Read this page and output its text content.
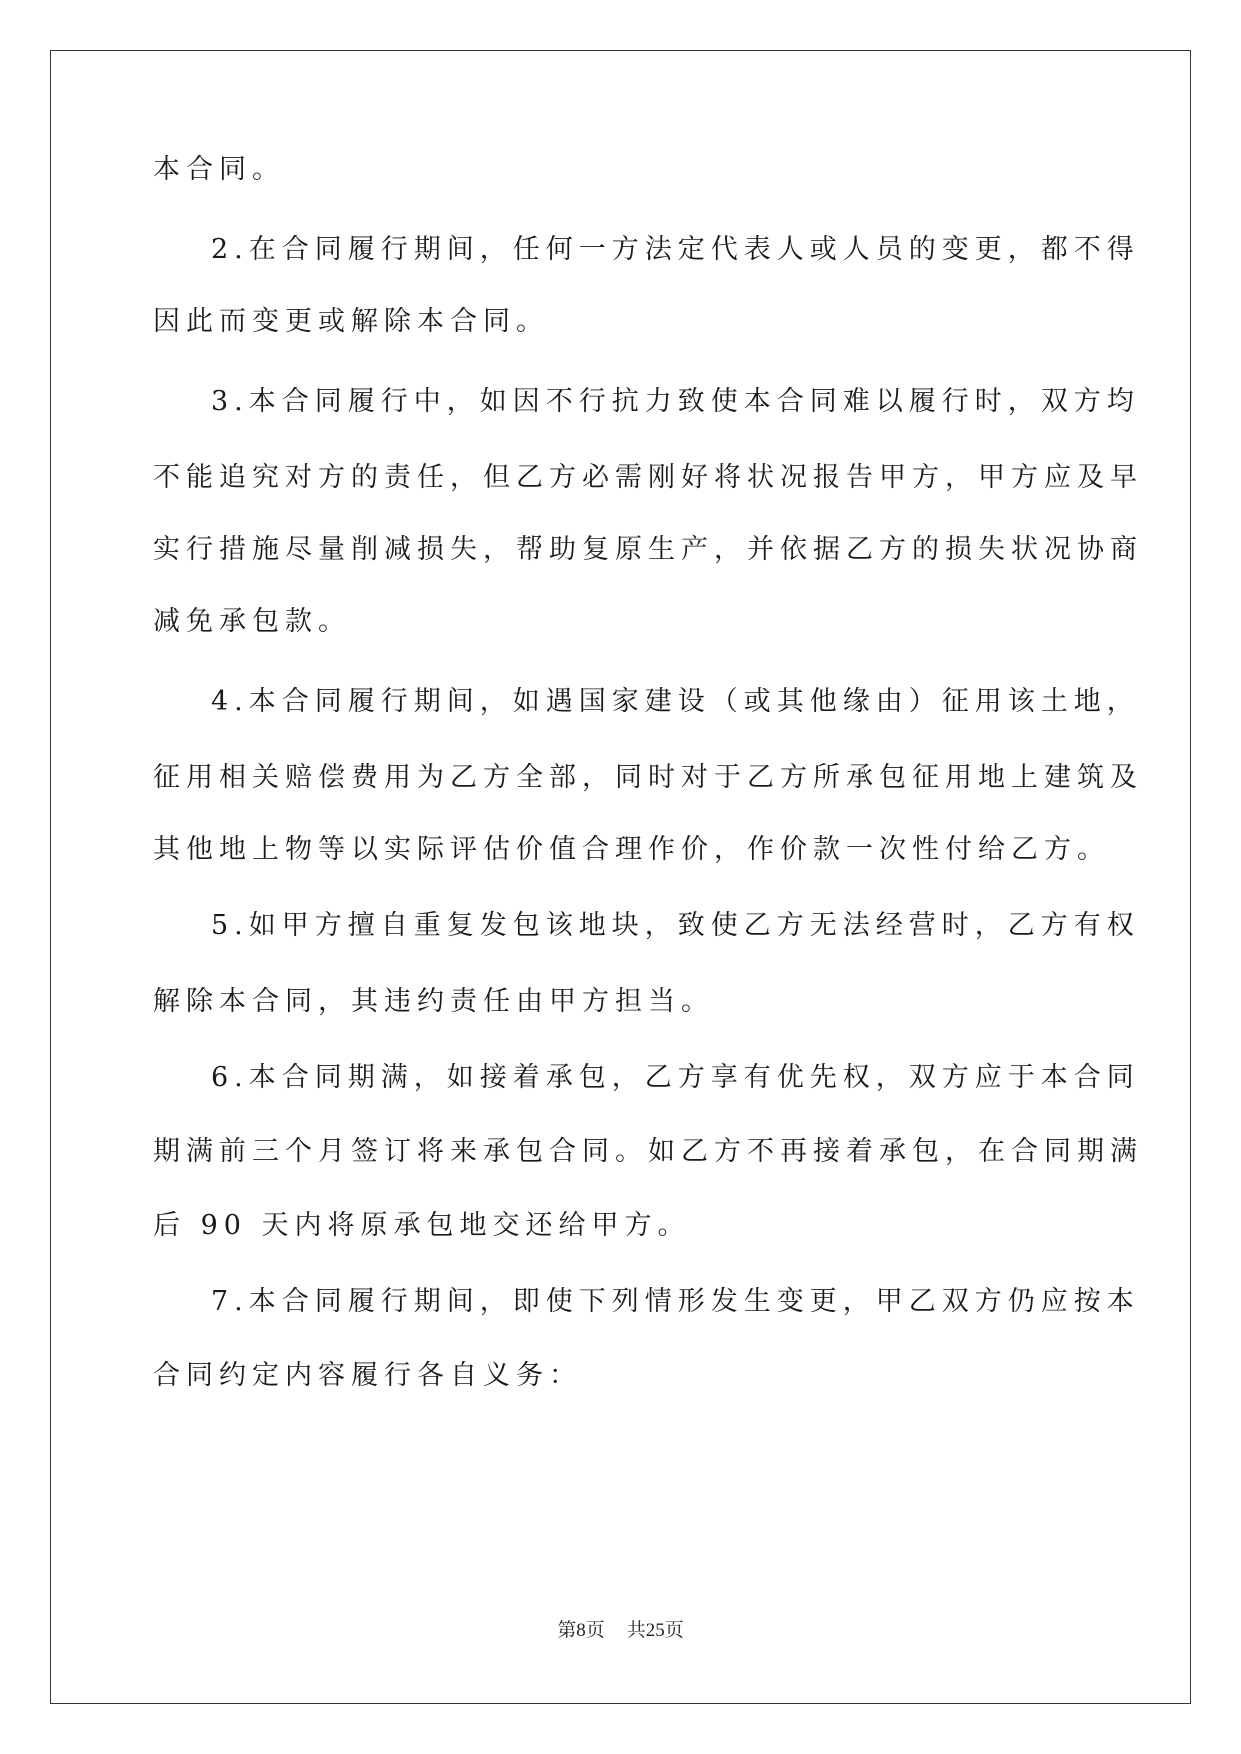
本合同。
2.在合同履行期间，任何一方法定代表人或人员的变更，都不得
因此而变更或解除本合同。
3.本合同履行中，如因不行抗力致使本合同难以履行时，双方均
不能追究对方的责任，但乙方必需刚好将状况报告甲方，甲方应及早
实行措施尽量削减损失，帮助复原生产，并依据乙方的损失状况协商
减免承包款。
4.本合同履行期间，如遇国家建设（或其他缘由）征用该土地，
征用相关赔偿费用为乙方全部，同时对于乙方所承包征用地上建筑及
其他地上物等以实际评估价值合理作价，作价款一次性付给乙方。
5.如甲方擅自重复发包该地块，致使乙方无法经营时，乙方有权
解除本合同，其违约责任由甲方担当。
6.本合同期满，如接着承包，乙方享有优先权，双方应于本合同
期满前三个月签订将来承包合同。如乙方不再接着承包，在合同期满
后 90 天内将原承包地交还给甲方。
7.本合同履行期间，即使下列情形发生变更，甲乙双方仍应按本
合同约定内容履行各自义务：
第8页 共25页
